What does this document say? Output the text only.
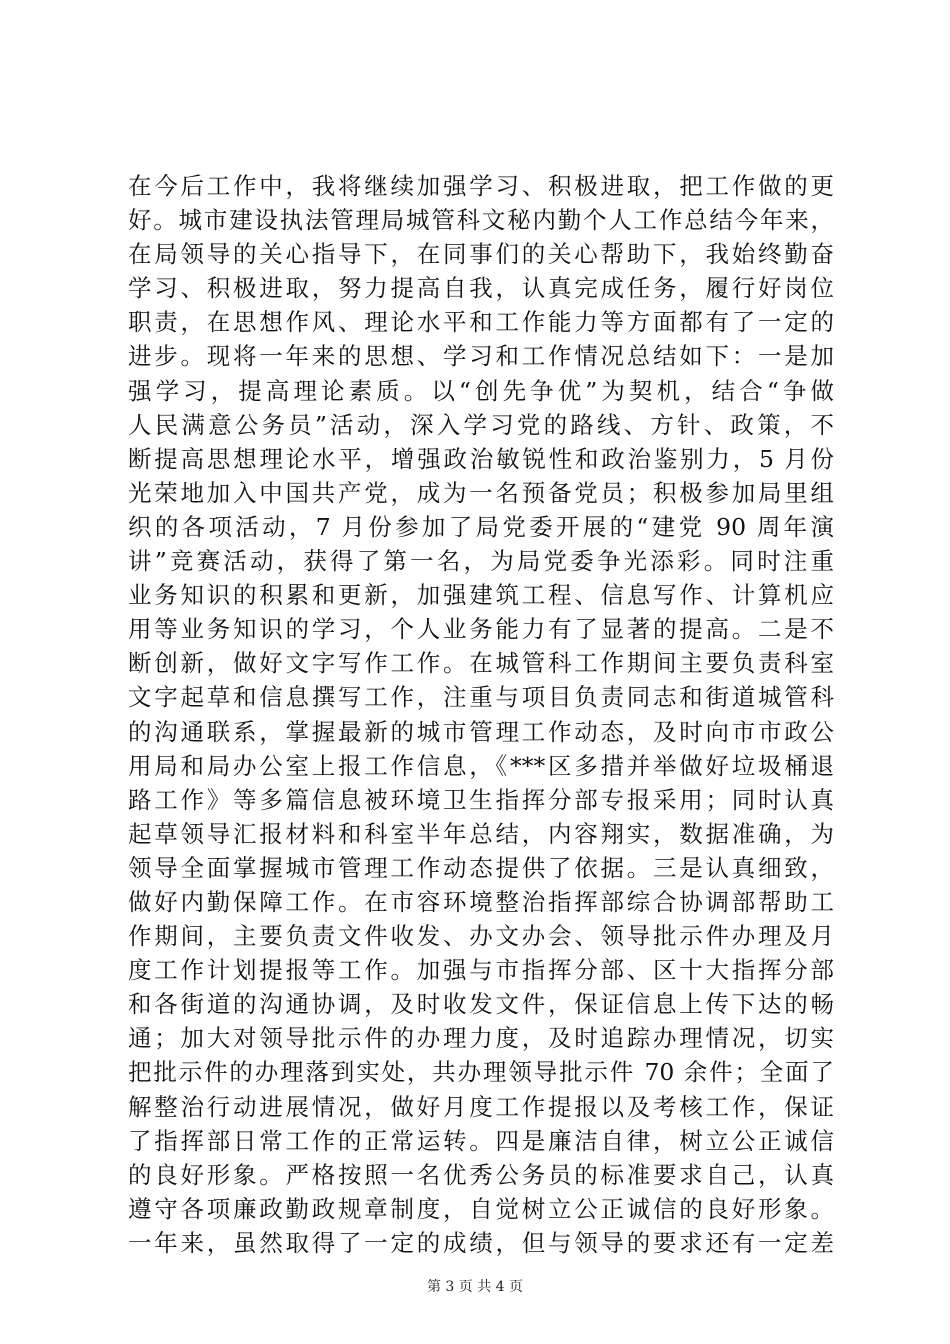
在今后工作中，我将继续加强学习、积极进取，把工作做的更
好。城市建设执法管理局城管科文秘内勤个人工作总结今年来，
在局领导的关心指导下，在同事们的关心帮助下，我始终勤奋
学习、积极进取，努力提高自我，认真完成任务，履行好岗位
职责，在思想作风、理论水平和工作能力等方面都有了一定的
进步。现将一年来的思想、学习和工作情况总结如下：一是加
强学习，提高理论素质。以“创先争优”为契机，结合“争做
人民满意公务员”活动，深入学习党的路线、方针、政策，不
断提高思想理论水平，增强政治敏锐性和政治鉴别力，5 月份
光荣地加入中国共产党，成为一名预备党员；积极参加局里组
织的各项活动，7 月份参加了局党委开展的“建党 90 周年演
讲”竞赛活动，获得了第一名，为局党委争光添彩。同时注重
业务知识的积累和更新，加强建筑工程、信息写作、计算机应
用等业务知识的学习，个人业务能力有了显著的提高。二是不
断创新，做好文字写作工作。在城管科工作期间主要负责科室
文字起草和信息撰写工作，注重与项目负责同志和街道城管科
的沟通联系，掌握最新的城市管理工作动态，及时向市市政公
用局和局办公室上报工作信息，《***区多措并举做好垃圾桶退
路工作》等多篇信息被环境卫生指挥分部专报采用；同时认真
起草领导汇报材料和科室半年总结，内容翔实，数据准确，为
领导全面掌握城市管理工作动态提供了依据。三是认真细致，
做好内勤保障工作。在市容环境整治指挥部综合协调部帮助工
作期间，主要负责文件收发、办文办会、领导批示件办理及月
度工作计划提报等工作。加强与市指挥分部、区十大指挥分部
和各街道的沟通协调，及时收发文件，保证信息上传下达的畅
通；加大对领导批示件的办理力度，及时追踪办理情况，切实
把批示件的办理落到实处，共办理领导批示件 70 余件；全面了
解整治行动进展情况，做好月度工作提报以及考核工作，保证
了指挥部日常工作的正常运转。四是廉洁自律，树立公正诚信
的良好形象。严格按照一名优秀公务员的标准要求自己，认真
遵守各项廉政勤政规章制度，自觉树立公正诚信的良好形象。
一年来，虽然取得了一定的成绩，但与领导的要求还有一定差
第 3 页 共 4 页
